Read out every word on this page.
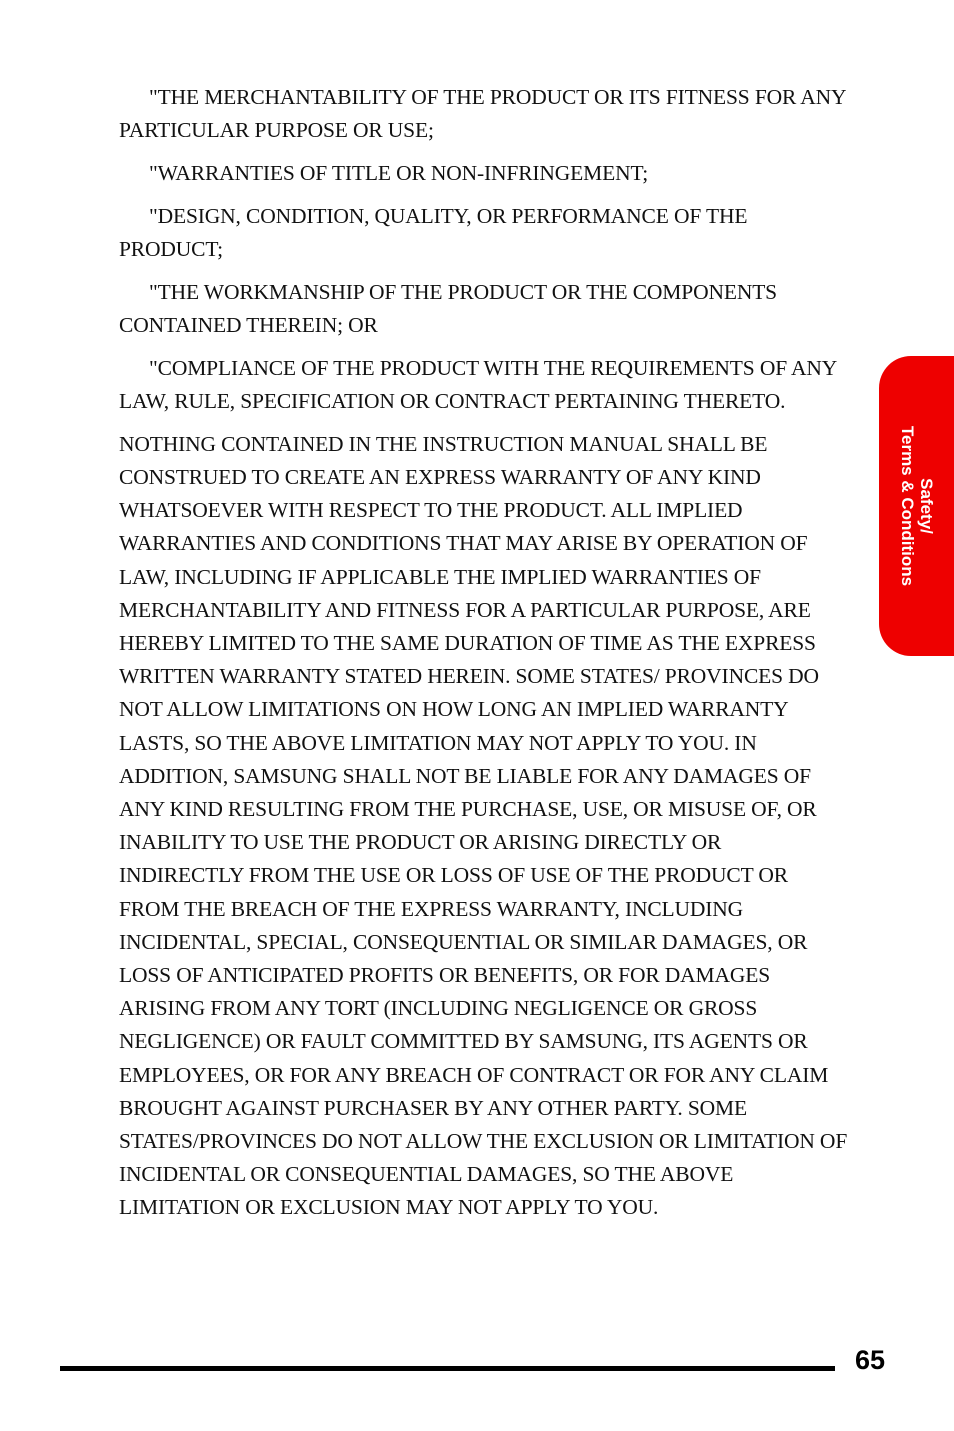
"THE MERCHANTABILITY OF THE PRODUCT OR ITS FITNESS FOR ANY PARTICULAR PURPOSE OR USE;

"WARRANTIES OF TITLE OR NON-INFRINGEMENT;

"DESIGN, CONDITION, QUALITY, OR PERFORMANCE OF THE PRODUCT;

"THE WORKMANSHIP OF THE PRODUCT OR THE COMPONENTS CONTAINED THEREIN; OR

"COMPLIANCE OF THE PRODUCT WITH THE REQUIREMENTS OF ANY LAW, RULE, SPECIFICATION OR CONTRACT PERTAINING THERETO.

NOTHING CONTAINED IN THE INSTRUCTION MANUAL SHALL BE CONSTRUED TO CREATE AN EXPRESS WARRANTY OF ANY KIND WHATSOEVER WITH RESPECT TO THE PRODUCT. ALL IMPLIED WARRANTIES AND CONDITIONS THAT MAY ARISE BY OPERATION OF LAW, INCLUDING IF APPLICABLE THE IMPLIED WARRANTIES OF MERCHANTABILITY AND FITNESS FOR A PARTICULAR PURPOSE, ARE HEREBY LIMITED TO THE SAME DURATION OF TIME AS THE EXPRESS WRITTEN WARRANTY STATED HEREIN. SOME STATES/ PROVINCES DO NOT ALLOW LIMITATIONS ON HOW LONG AN IMPLIED WARRANTY LASTS, SO THE ABOVE LIMITATION MAY NOT APPLY TO YOU. IN ADDITION, SAMSUNG SHALL NOT BE LIABLE FOR ANY DAMAGES OF ANY KIND RESULTING FROM THE PURCHASE, USE, OR MISUSE OF, OR INABILITY TO USE THE PRODUCT OR ARISING DIRECTLY OR INDIRECTLY FROM THE USE OR LOSS OF USE OF THE PRODUCT OR FROM THE BREACH OF THE EXPRESS WARRANTY, INCLUDING INCIDENTAL, SPECIAL, CONSEQUENTIAL OR SIMILAR DAMAGES, OR LOSS OF ANTICIPATED PROFITS OR BENEFITS, OR FOR DAMAGES ARISING FROM ANY TORT (INCLUDING NEGLIGENCE OR GROSS NEGLIGENCE) OR FAULT COMMITTED BY SAMSUNG, ITS AGENTS OR EMPLOYEES, OR FOR ANY BREACH OF CONTRACT OR FOR ANY CLAIM BROUGHT AGAINST PURCHASER BY ANY OTHER PARTY. SOME STATES/PROVINCES DO NOT ALLOW THE EXCLUSION OR LIMITATION OF INCIDENTAL OR CONSEQUENTIAL DAMAGES, SO THE ABOVE LIMITATION OR EXCLUSION MAY NOT APPLY TO YOU.

Safety/
Terms & Conditions
65
